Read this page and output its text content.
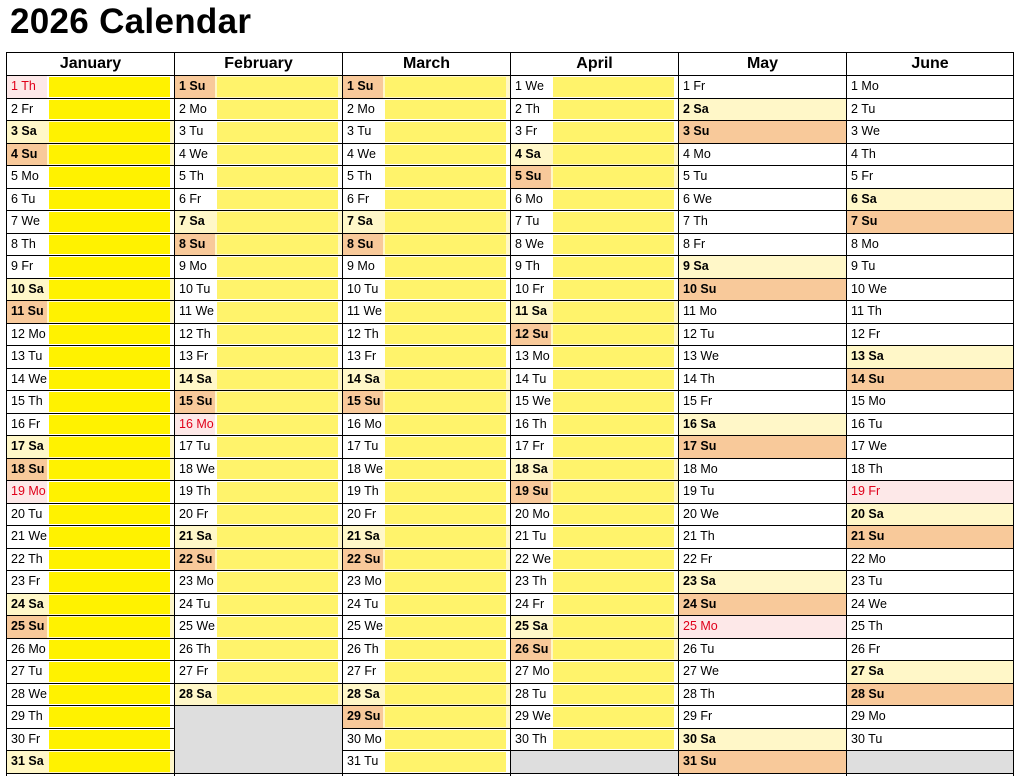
2026 Calendar
January
1 Th
2 Fr
3 Sa
4 Su
5 Mo
6 Tu
7 We
8 Th
9 Fr
10 Sa
11 Su
12 Mo
13 Tu
14 We
15 Th
16 Fr
17 Sa
18 Su
19 Mo
20 Tu
21 We
22 Th
23 Fr
24 Sa
25 Su
26 Mo
27 Tu
28 We
29 Th
30 Fr
31 Sa
February
1 Su
2 Mo
3 Tu
4 We
5 Th
6 Fr
7 Sa
8 Su
9 Mo
10 Tu
11 We
12 Th
13 Fr
14 Sa
15 Su
16 Mo
17 Tu
18 We
19 Th
20 Fr
21 Sa
22 Su
23 Mo
24 Tu
25 We
26 Th
27 Fr
28 Sa
March
1 Su
2 Mo
3 Tu
4 We
5 Th
6 Fr
7 Sa
8 Su
9 Mo
10 Tu
11 We
12 Th
13 Fr
14 Sa
15 Su
16 Mo
17 Tu
18 We
19 Th
20 Fr
21 Sa
22 Su
23 Mo
24 Tu
25 We
26 Th
27 Fr
28 Sa
29 Su
30 Mo
31 Tu
April
1 We
2 Th
3 Fr
4 Sa
5 Su
6 Mo
7 Tu
8 We
9 Th
10 Fr
11 Sa
12 Su
13 Mo
14 Tu
15 We
16 Th
17 Fr
18 Sa
19 Su
20 Mo
21 Tu
22 We
23 Th
24 Fr
25 Sa
26 Su
27 Mo
28 Tu
29 We
30 Th
May
1 Fr
2 Sa
3 Su
4 Mo
5 Tu
6 We
7 Th
8 Fr
9 Sa
10 Su
11 Mo
12 Tu
13 We
14 Th
15 Fr
16 Sa
17 Su
18 Mo
19 Tu
20 We
21 Th
22 Fr
23 Sa
24 Su
25 Mo
26 Tu
27 We
28 Th
29 Fr
30 Sa
31 Su
June
1 Mo
2 Tu
3 We
4 Th
5 Fr
6 Sa
7 Su
8 Mo
9 Tu
10 We
11 Th
12 Fr
13 Sa
14 Su
15 Mo
16 Tu
17 We
18 Th
19 Fr
20 Sa
21 Su
22 Mo
23 Tu
24 We
25 Th
26 Fr
27 Sa
28 Su
29 Mo
30 Tu
